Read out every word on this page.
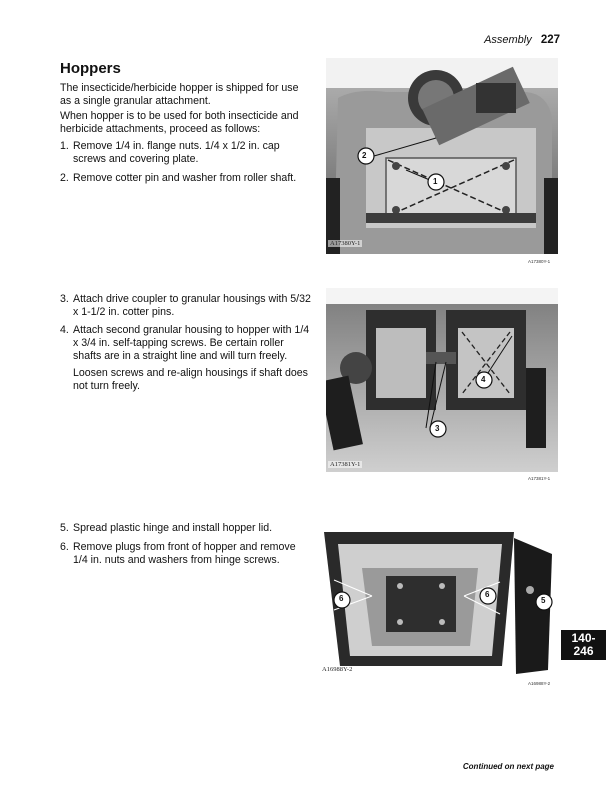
Assembly 227
Hoppers

The insecticide/herbicide hopper is shipped for use as a single granular attachment.

When hopper is to be used for both insecticide and herbicide attachments, proceed as follows:

1. Remove 1/4 in. flange nuts. 1/4 x 1/2 in. cap screws and covering plate.
2. Remove cotter pin and washer from roller shaft.
3. Attach drive coupler to granular housings with 5/32 x 1-1/2 in. cotter pins.
4. Attach second granular housing to hopper with 1/4 x 3/4 in. self-tapping screws. Be certain roller shafts are in a straight line and will turn freely.

Loosen screws and re-align housings if shaft does not turn freely.

5. Spread plastic hinge and install hopper lid.
6. Remove plugs from front of hopper and remove 1/4 in. nuts and washers from hinge screws.
A17380Y-1
A17380Y-1
2
1
A17381Y-1
A17381Y-1
4
3
A16988Y-2
A16988Y-2
6	6
5
140-
246
Continued on next page
